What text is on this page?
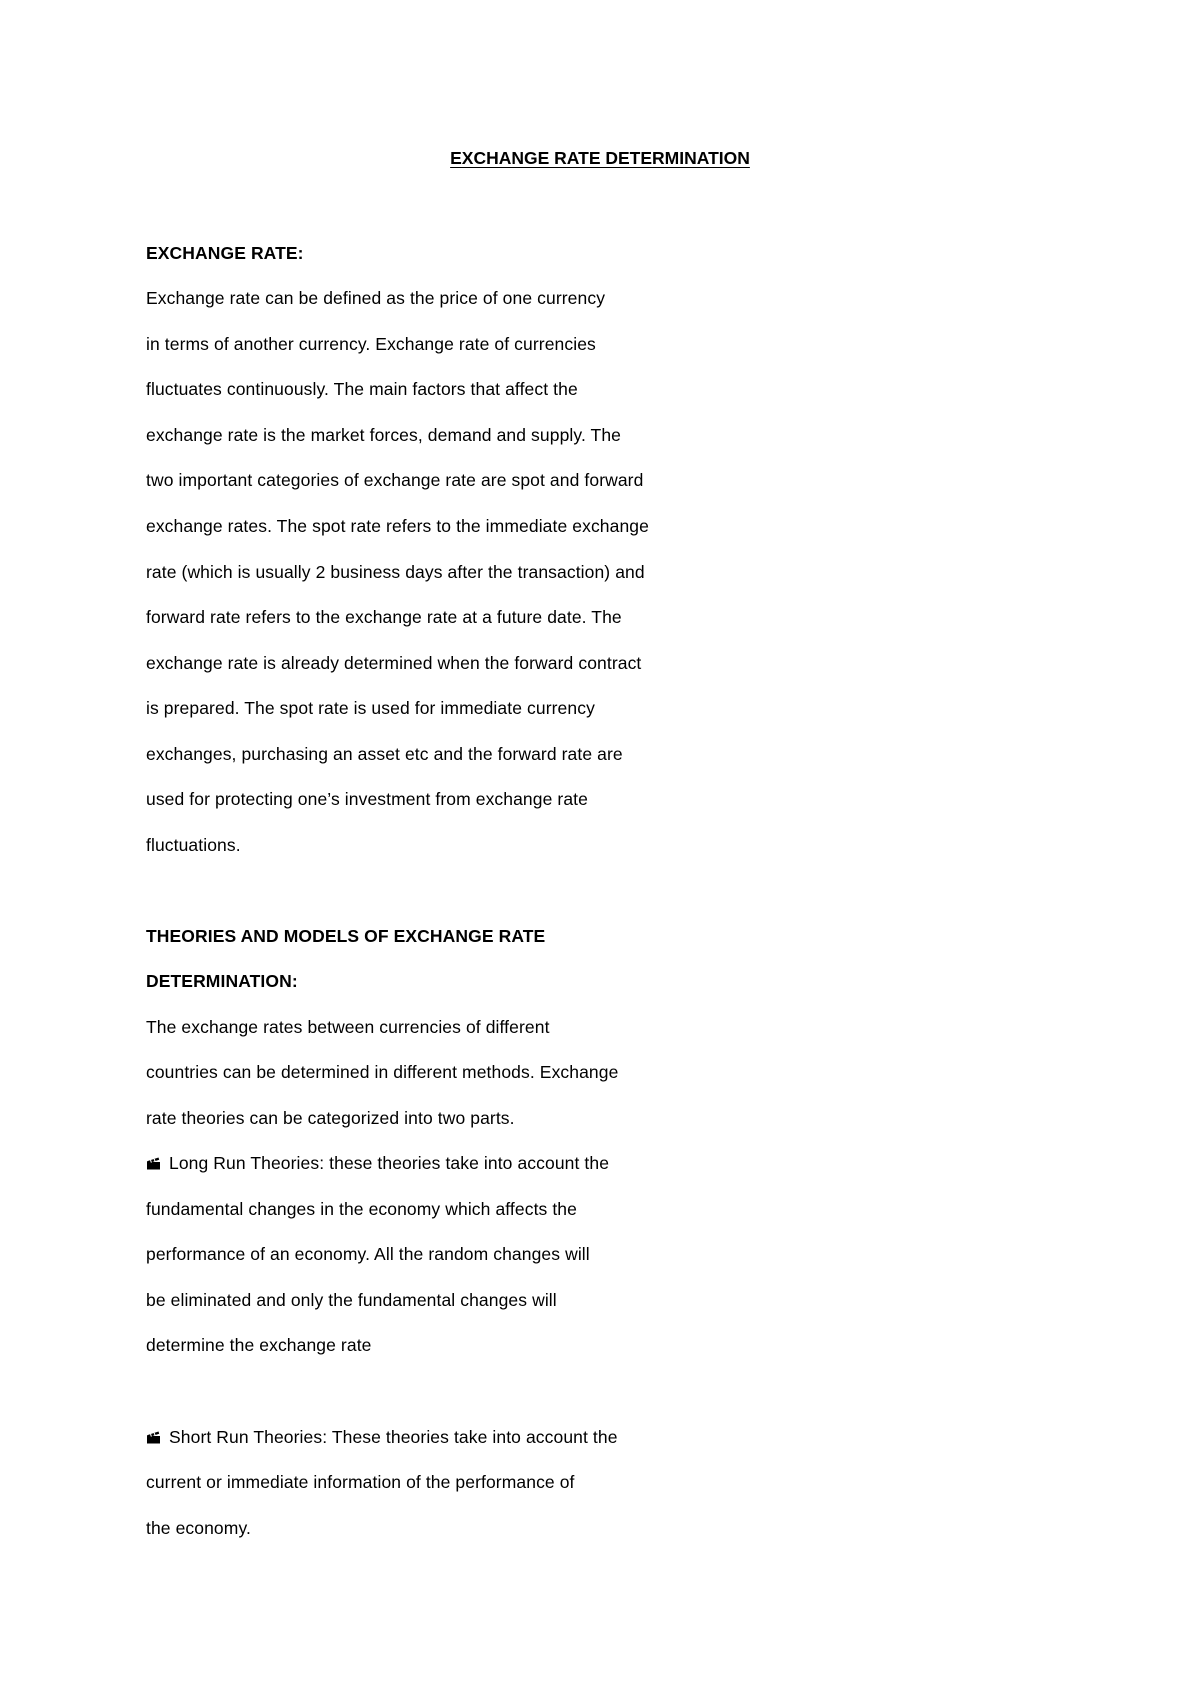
EXCHANGE RATE DETERMINATION
EXCHANGE RATE:
Exchange rate can be defined as the price of one currency
in terms of another currency. Exchange rate of currencies
fluctuates continuously. The main factors that affect the
exchange rate is the market forces, demand and supply. The
two important categories of exchange rate are spot and forward
exchange rates. The spot rate refers to the immediate exchange
rate (which is usually 2 business days after the transaction) and
forward rate refers to the exchange rate at a future date. The
exchange rate is already determined when the forward contract
is prepared. The spot rate is used for immediate currency
exchanges, purchasing an asset etc and the forward rate are
used for protecting one’s investment from exchange rate
fluctuations.
THEORIES AND MODELS OF EXCHANGE RATE
DETERMINATION:
The exchange rates between currencies of different
countries can be determined in different methods. Exchange
rate theories can be categorized into two parts.
Long Run Theories: these theories take into account the
fundamental changes in the economy which affects the
performance of an economy. All the random changes will
be eliminated and only the fundamental changes will
determine the exchange rate
Short Run Theories: These theories take into account the
current or immediate information of the performance of
the economy.
